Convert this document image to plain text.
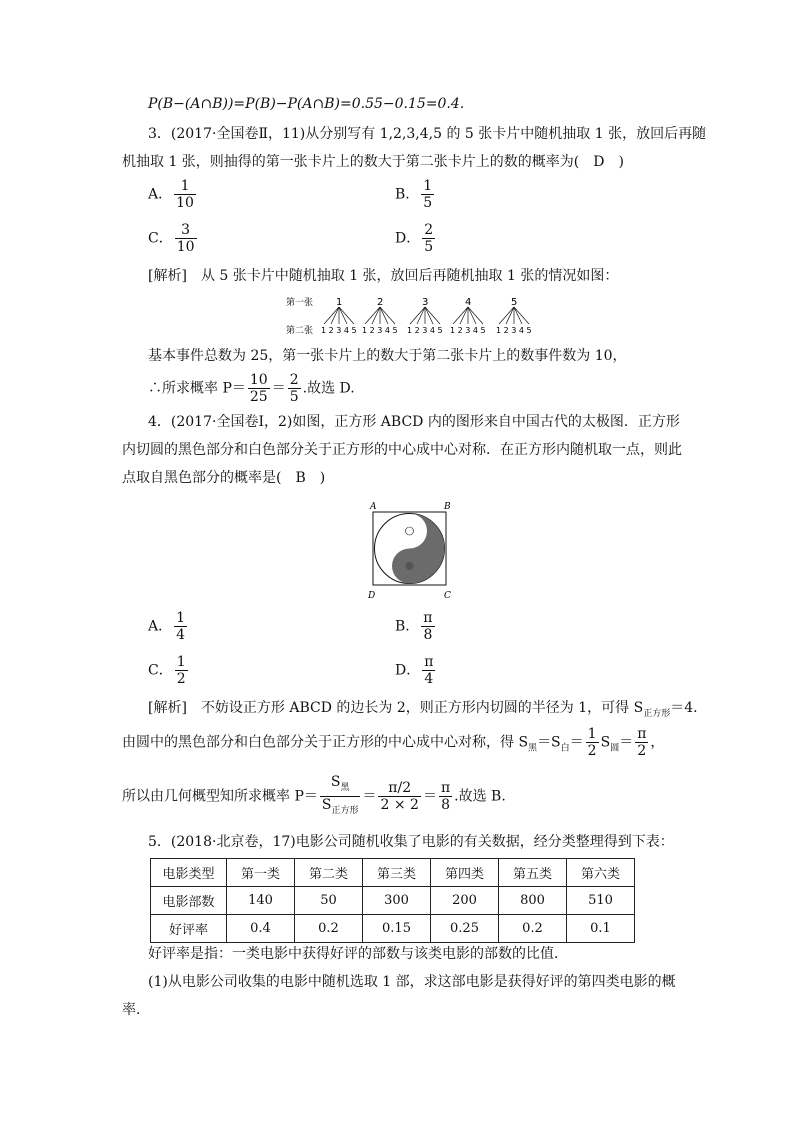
P(B−(A∩B))=P(B)−P(A∩B)=0.55−0.15=0.4.
3．(2017·全国卷Ⅱ，11)从分别写有 1,2,3,4,5 的 5 张卡片中随机抽取 1 张，放回后再随
机抽取 1 张，则抽得的第一张卡片上的数大于第二张卡片上的数的概率为(　D　)
A． $\frac{1}{10}$	B． $\frac{1}{5}$
C． $\frac{3}{10}$	D． $\frac{2}{5}$
[解析]　 从 5 张卡片中随机抽取 1 张，放回后再随机抽取 1 张的情况如图：
第一张
第二张
1
1 2 3 4 5
2
1 2 3 4 5
3
1 2 3 4 5
4
1 2 3 4 5
5
1 2 3 4 5
基本事件总数为 25，第一张卡片上的数大于第二张卡片上的数事件数为 10，
∴所求概率 $P= \frac{10}{25} = \frac{2}{5}$ .故选 D.
4．(2017·全国卷Ⅰ，2)如图，正方形 ABCD 内的图形来自中国古代的太极图．正方形
内切圆的黑色部分和白色部分关于正方形的中心成中心对称．在正方形内随机取一点，则此
点取自黑色部分的概率是(　B　)
A	B
D	C
A． $\frac{1}{4}$	B． $\frac{\pi}{8}$
C． $\frac{1}{2}$	D． $\frac{\pi}{4}$
[解析]　 不妨设正方形 ABCD 的边长为 2，则正方形内切圆的半径为 1，可得 $S_{正方形}=4$.
由圆中的黑色部分和白色部分关于正方形的中心成中心对称，得 $S_黑=S_白= \frac{1}{2} S_圆= \frac{\pi}{2}$ ，
所以由几何概型知所求概率 $P= \frac{S_黑}{S_{正方形}} = \frac{\pi/2}{2 \times 2} = \frac{\pi}{8}$ .故选 B.
5．(2018·北京卷，17)电影公司随机收集了电影的有关数据，经分类整理得到下表：
电影类型	第一类	第二类	第三类	第四类	第五类	第六类
电影部数	140	50	300	200	800	510
好评率	0.4	0.2	0.15	0.25	0.2	0.1
好评率是指：一类电影中获得好评的部数与该类电影的部数的比值．
(1)从电影公司收集的电影中随机选取 1 部，求这部电影是获得好评的第四类电影的概
率．
